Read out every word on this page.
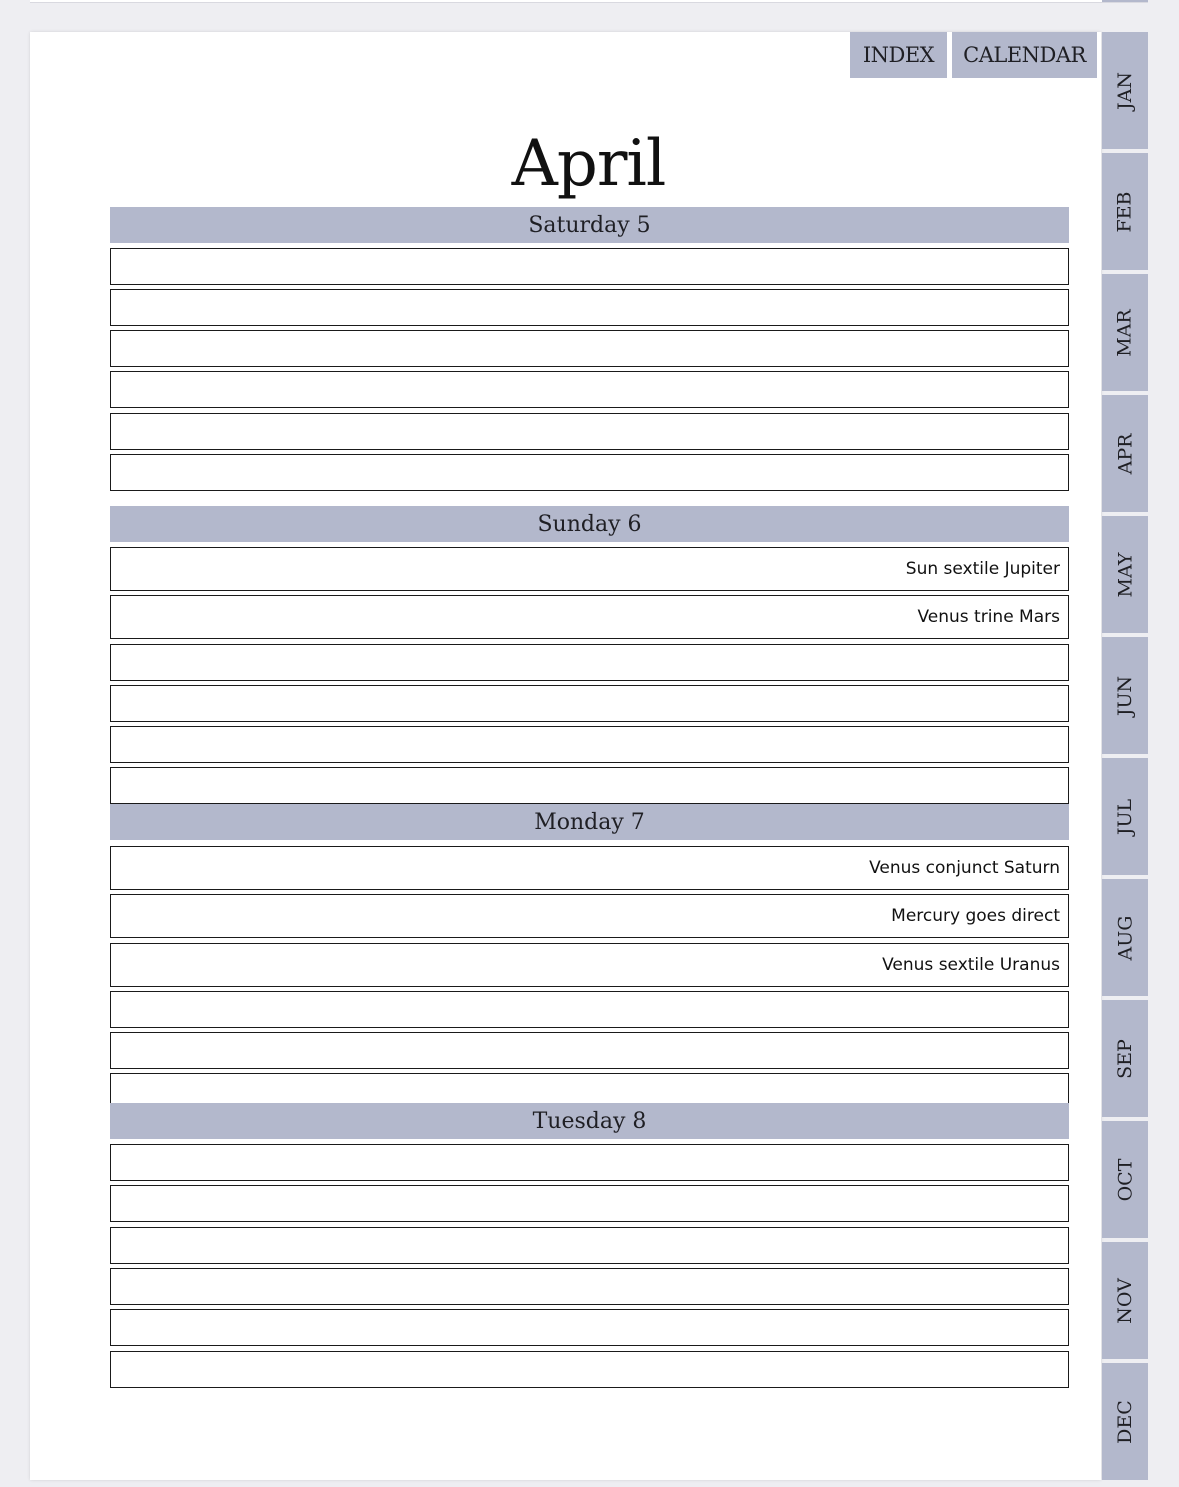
INDEX	CALENDAR
April
Saturday 5
Sunday 6
Sun sextile Jupiter
Venus trine Mars
Monday 7
Venus conjunct Saturn
Mercury goes direct
Venus sextile Uranus
Tuesday 8
JAN
FEB
MAR
APR
MAY
JUN
JUL
AUG
SEP
OCT
NOV
DEC
